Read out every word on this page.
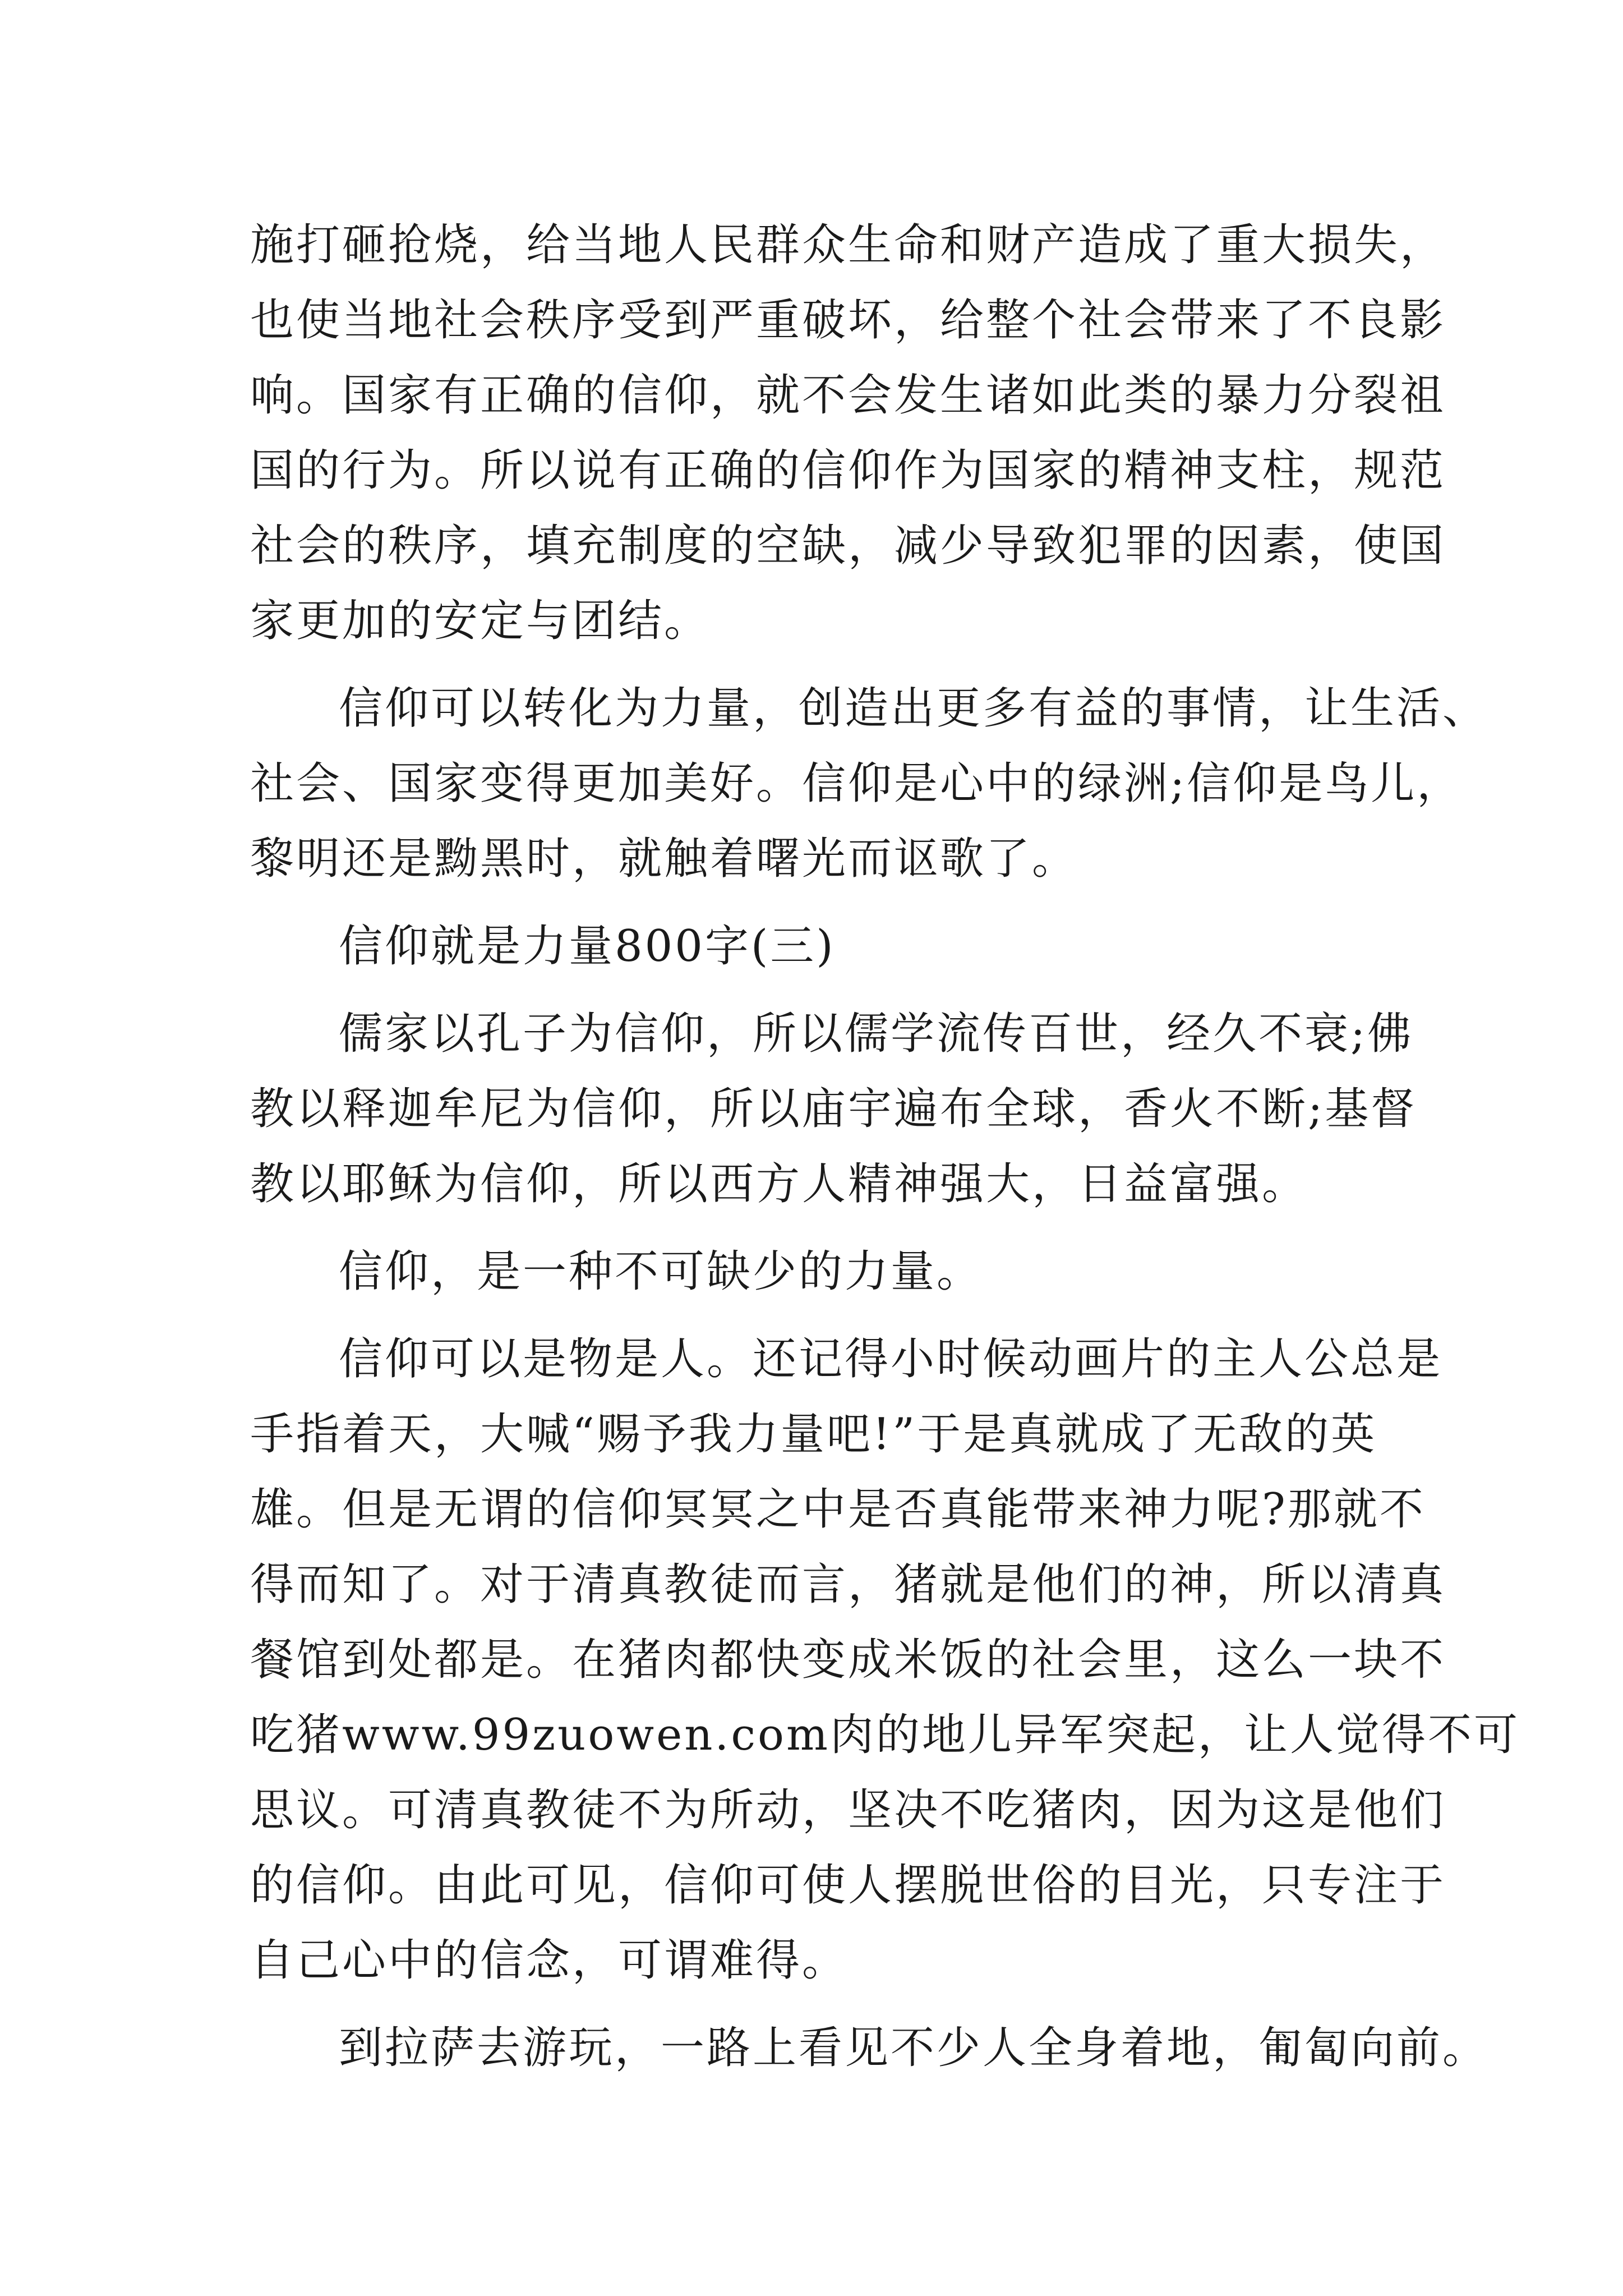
施打砸抢烧，给当地人民群众生命和财产造成了重大损失，
也使当地社会秩序受到严重破坏，给整个社会带来了不良影
响。国家有正确的信仰，就不会发生诸如此类的暴力分裂祖
国的行为。所以说有正确的信仰作为国家的精神支柱，规范
社会的秩序，填充制度的空缺，减少导致犯罪的因素，使国
家更加的安定与团结。
信仰可以转化为力量，创造出更多有益的事情，让生活、
社会、国家变得更加美好。信仰是心中的绿洲;信仰是鸟儿，
黎明还是黝黑时，就触着曙光而讴歌了。
信仰就是力量800字(三)
儒家以孔子为信仰，所以儒学流传百世，经久不衰;佛
教以释迦牟尼为信仰，所以庙宇遍布全球，香火不断;基督
教以耶稣为信仰，所以西方人精神强大，日益富强。
信仰，是一种不可缺少的力量。
信仰可以是物是人。还记得小时候动画片的主人公总是
手指着天，大喊“赐予我力量吧!”于是真就成了无敌的英
雄。但是无谓的信仰冥冥之中是否真能带来神力呢?那就不
得而知了。对于清真教徒而言，猪就是他们的神，所以清真
餐馆到处都是。在猪肉都快变成米饭的社会里，这么一块不
吃猪www.99zuowen.com肉的地儿异军突起，让人觉得不可
思议。可清真教徒不为所动，坚决不吃猪肉，因为这是他们
的信仰。由此可见，信仰可使人摆脱世俗的目光，只专注于
自己心中的信念，可谓难得。
到拉萨去游玩，一路上看见不少人全身着地，匍匐向前。
